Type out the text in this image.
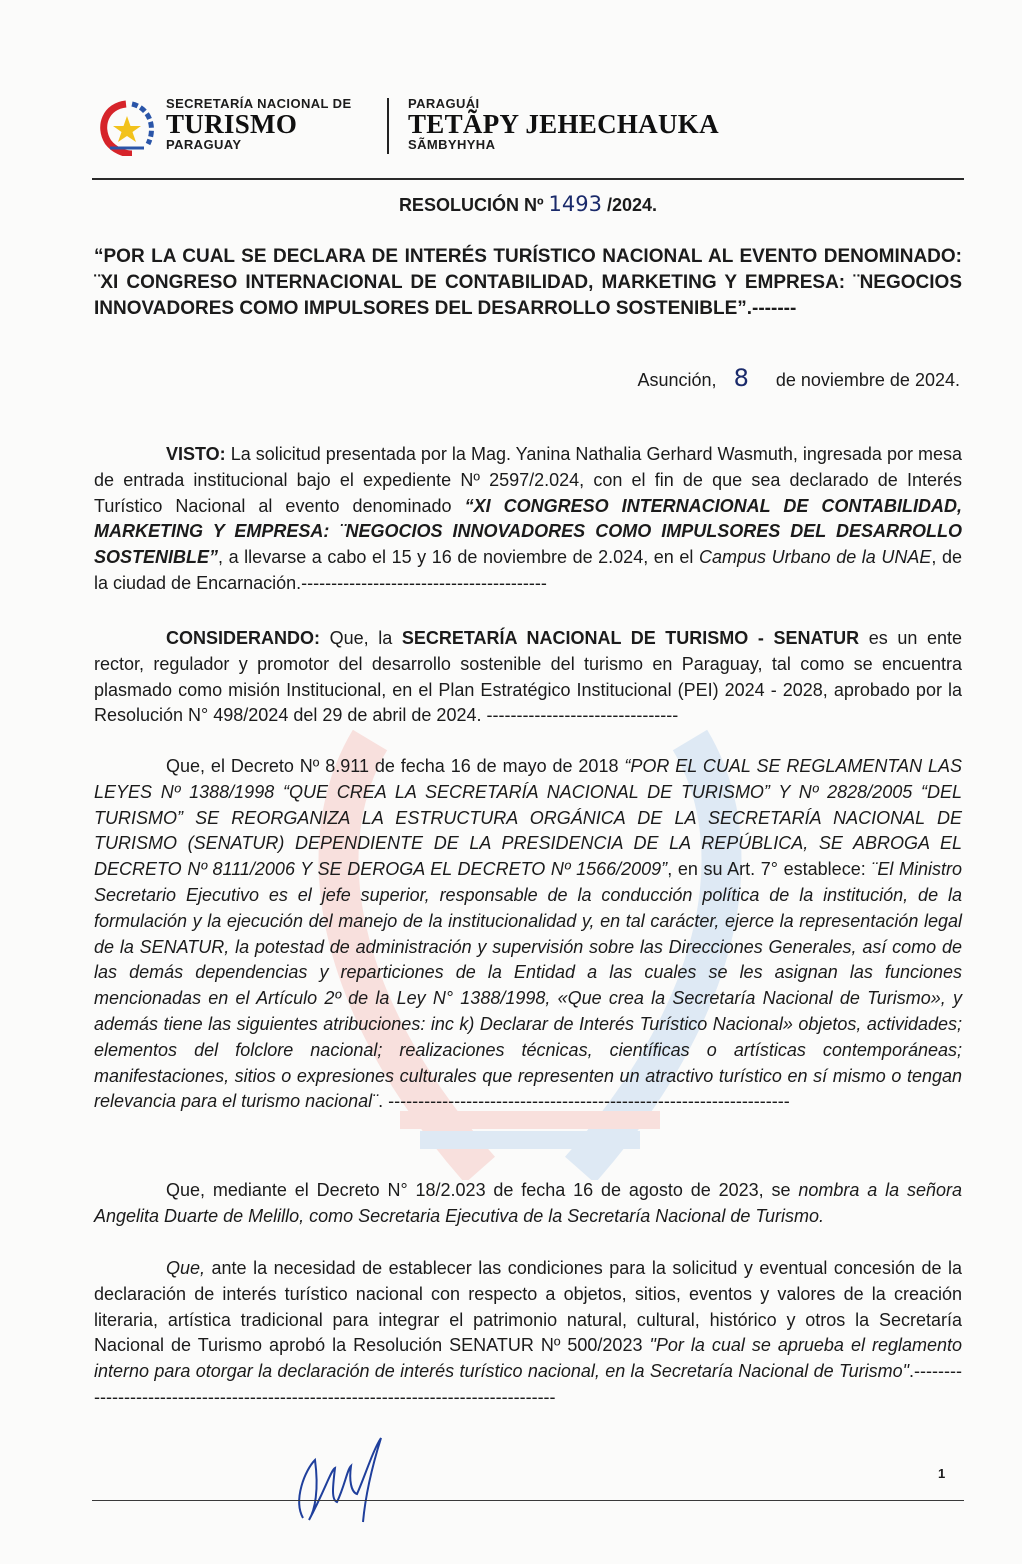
SECRETARÍA NACIONAL DE
TURISMO
PARAGUAY
PARAGUÁI
TETÃPY JEHECHAUKA
SÃMBYHYHA
RESOLUCIÓN Nº 1493 /2024.
“POR LA CUAL SE DECLARA DE INTERÉS TURÍSTICO NACIONAL AL EVENTO DENOMINADO: ¨XI CONGRESO INTERNACIONAL DE CONTABILIDAD, MARKETING Y EMPRESA: ¨NEGOCIOS INNOVADORES COMO IMPULSORES DEL DESARROLLO SOSTENIBLE”.-------
Asunción, 8 de noviembre de 2024.
VISTO: La solicitud presentada por la Mag. Yanina Nathalia Gerhard Wasmuth, ingresada por mesa de entrada institucional bajo el expediente Nº 2597/2.024, con el fin de que sea declarado de Interés Turístico Nacional al evento denominado “XI CONGRESO INTERNACIONAL DE CONTABILIDAD, MARKETING Y EMPRESA: ¨NEGOCIOS INNOVADORES COMO IMPULSORES DEL DESARROLLO SOSTENIBLE”, a llevarse a cabo el 15 y 16 de noviembre de 2.024, en el Campus Urbano de la UNAE, de la ciudad de Encarnación.-----------------------------------------
CONSIDERANDO: Que, la SECRETARÍA NACIONAL DE TURISMO - SENATUR es un ente rector, regulador y promotor del desarrollo sostenible del turismo en Paraguay, tal como se encuentra plasmado como misión Institucional, en el Plan Estratégico Institucional (PEI) 2024 - 2028, aprobado por la Resolución N° 498/2024 del 29 de abril de 2024. --------------------------------
Que, el Decreto Nº 8.911 de fecha 16 de mayo de 2018 “POR EL CUAL SE REGLAMENTAN LAS LEYES Nº 1388/1998 “QUE CREA LA SECRETARÍA NACIONAL DE TURISMO” Y Nº 2828/2005 “DEL TURISMO” SE REORGANIZA LA ESTRUCTURA ORGÁNICA DE LA SECRETARÍA NACIONAL DE TURISMO (SENATUR) DEPENDIENTE DE LA PRESIDENCIA DE LA REPÚBLICA, SE ABROGA EL DECRETO Nº 8111/2006 Y SE DEROGA EL DECRETO Nº 1566/2009”, en su Art. 7° establece: ¨El Ministro Secretario Ejecutivo es el jefe superior, responsable de la conducción política de la institución, de la formulación y la ejecución del manejo de la institucionalidad y, en tal carácter, ejerce la representación legal de la SENATUR, la potestad de administración y supervisión sobre las Direcciones Generales, así como de las demás dependencias y reparticiones de la Entidad a las cuales se les asignan las funciones mencionadas en el Artículo 2º de la Ley N° 1388/1998, «Que crea la Secretaría Nacional de Turismo», y además tiene las siguientes atribuciones: inc k) Declarar de Interés Turístico Nacional» objetos, actividades; elementos del folclore nacional; realizaciones técnicas, científicas o artísticas contemporáneas; manifestaciones, sitios o expresiones culturales que representen un atractivo turístico en sí mismo o tengan relevancia para el turismo nacional¨. -------------------------------------------------------------------
Que, mediante el Decreto N° 18/2.023 de fecha 16 de agosto de 2023, se nombra a la señora Angelita Duarte de Melillo, como Secretaria Ejecutiva de la Secretaría Nacional de Turismo.
Que, ante la necesidad de establecer las condiciones para la solicitud y eventual concesión de la declaración de interés turístico nacional con respecto a objetos, sitios, eventos y valores de la creación literaria, artística tradicional para integrar el patrimonio natural, cultural, histórico y otros la Secretaría Nacional de Turismo aprobó la Resolución SENATUR Nº 500/2023 "Por la cual se aprueba el reglamento interno para otorgar la declaración de interés turístico nacional, en la Secretaría Nacional de Turismo".-------------------------------------------------------------------------------------
1
